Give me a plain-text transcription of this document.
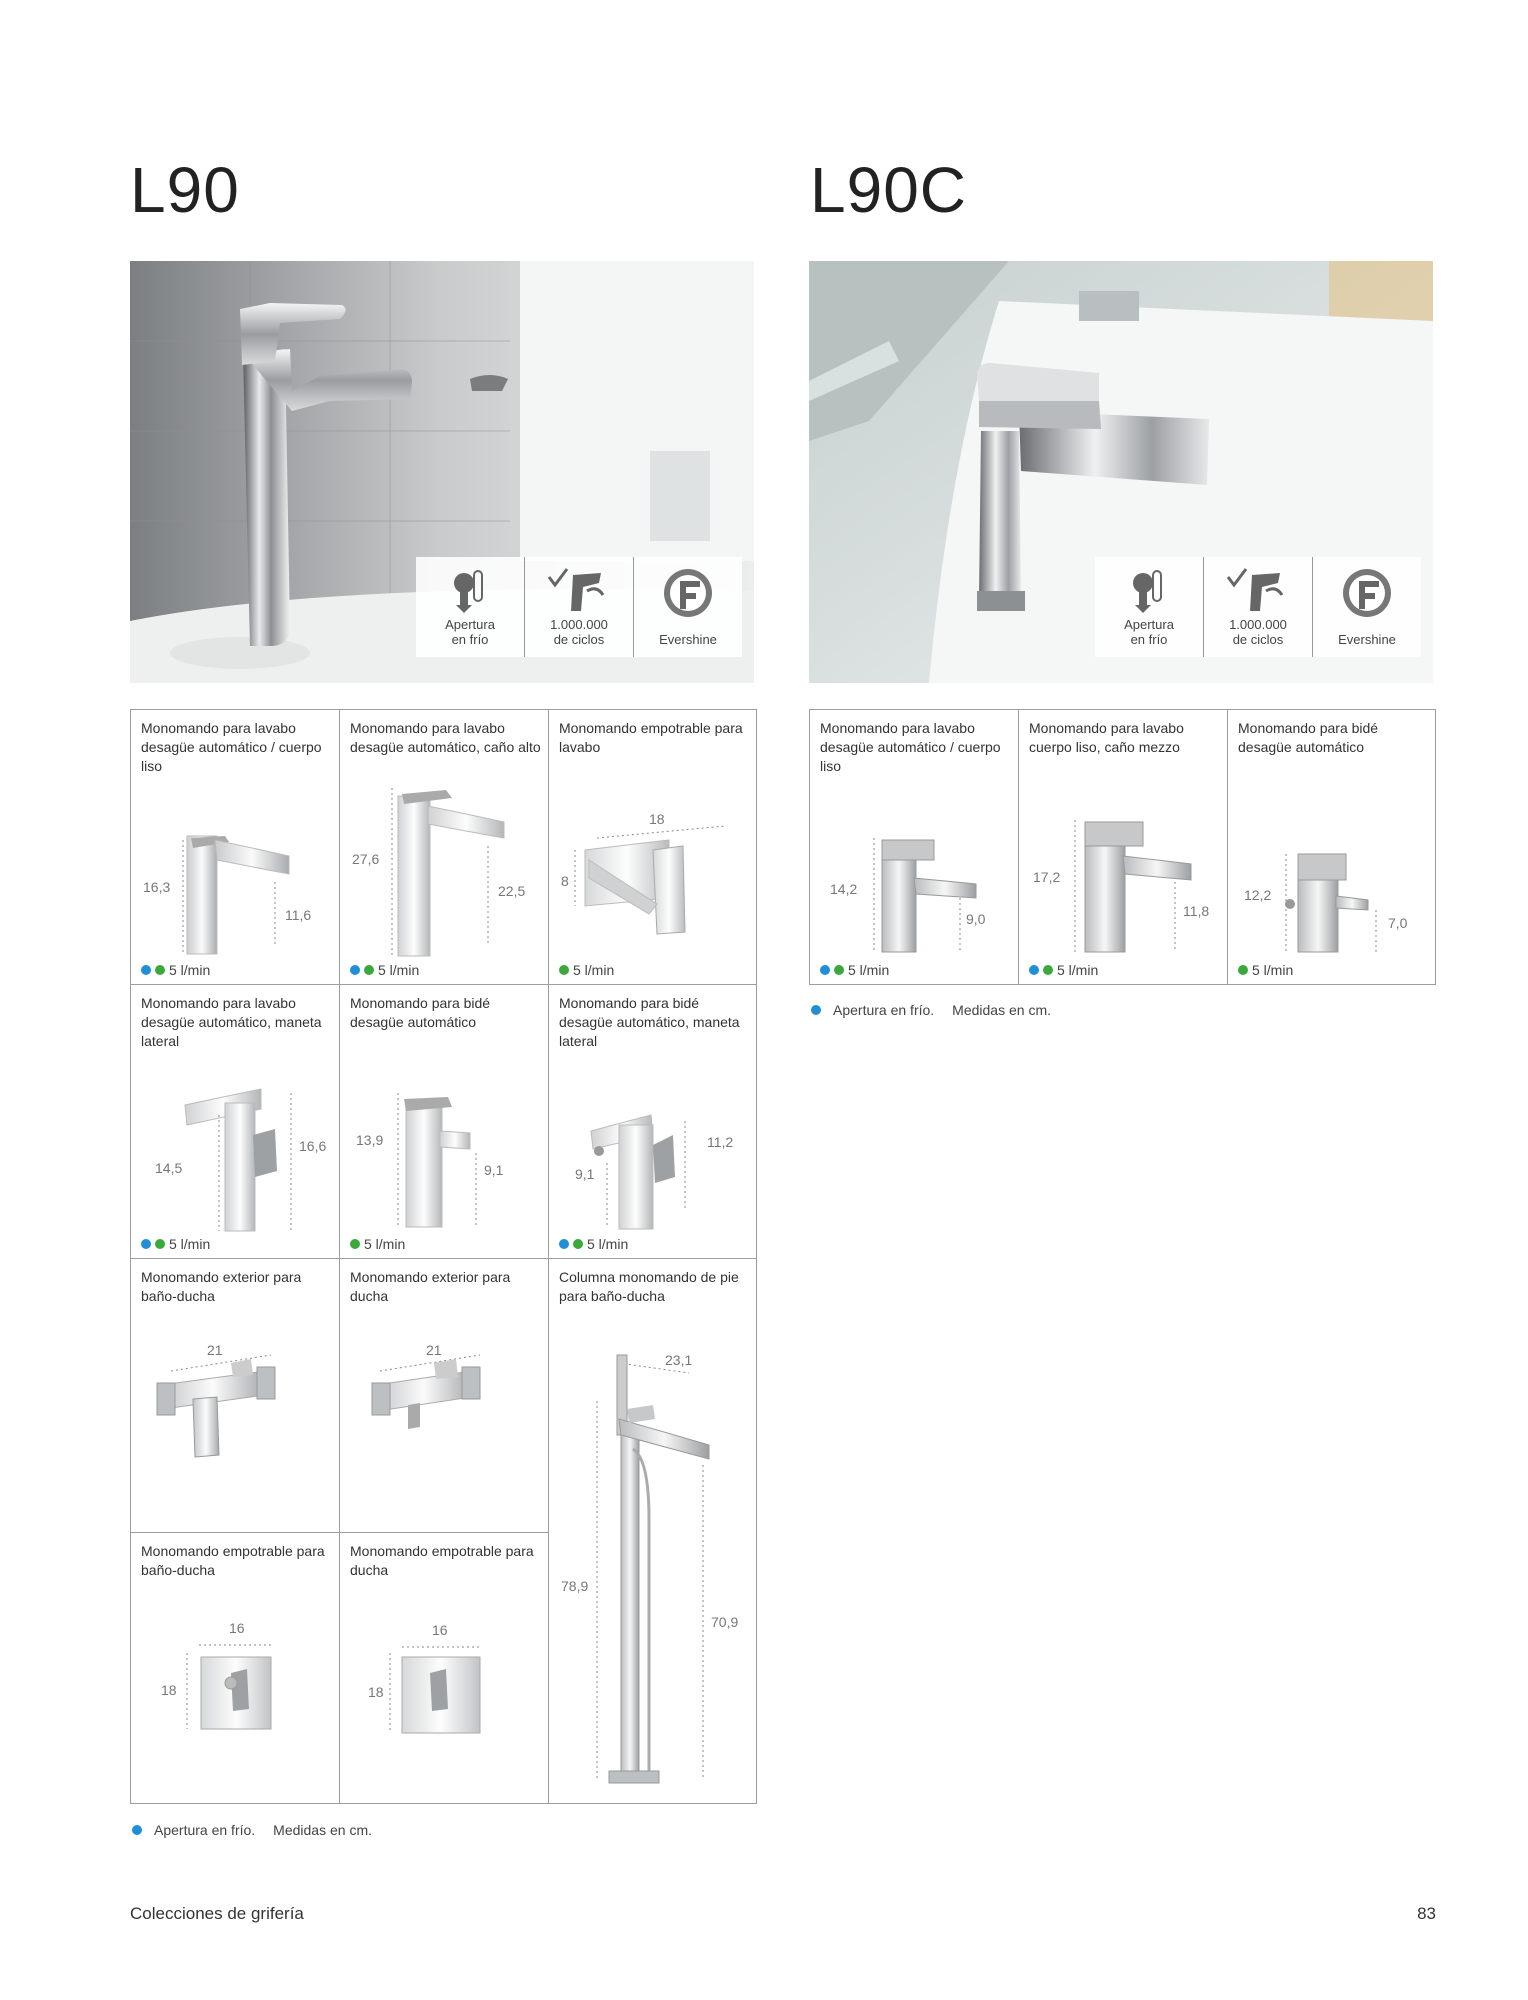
L90	L90C
Apertura
en frío
1.000.000
de ciclos	Evershine
Apertura
en frío
1.000.000
de ciclos	Evershine
16,3
11,6
Monomando para lavabo desagüe automático / cuerpo liso
5 l/min
27,6
22,5
Monomando para lavabo desagüe automático, caño alto
5 l/min
18
8
Monomando empotrable para lavabo
5 l/min
14,5
16,6
Monomando para lavabo desagüe automático, maneta lateral
5 l/min
13,9
9,1
Monomando para bidé desagüe automático
5 l/min
9,1
11,2
Monomando para bidé desagüe automático, maneta lateral
5 l/min
21
Monomando exterior para baño-ducha
21
Monomando exterior para ducha
23,1
78,9
70,9
Columna monomando de pie para baño-ducha
16
18
Monomando empotrable para baño-ducha
16
18
Monomando empotrable para ducha
Apertura en frío. Medidas en cm.
14,2
9,0
Monomando para lavabo desagüe automático / cuerpo liso
5 l/min
17,2
11,8
Monomando para lavabo cuerpo liso, caño mezzo
5 l/min
12,2
7,0
Monomando para bidé desagüe automático
5 l/min
Apertura en frío. Medidas en cm.
Colecciones de grifería	83
